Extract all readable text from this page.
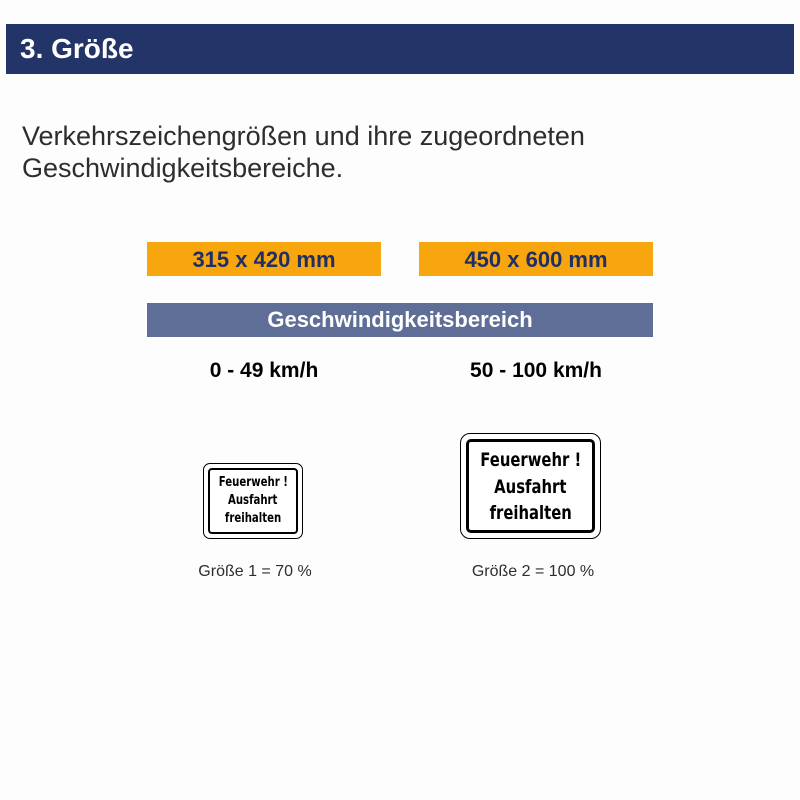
3. Größe
Verkehrszeichengrößen und ihre zugeordneten Geschwindigkeitsbereiche.
315 x 420 mm	450 x 600 mm
Geschwindigkeitsbereich
0 - 49 km/h	50 - 100 km/h
Feuerwehr !
Ausfahrt
freihalten
Feuerwehr !
Ausfahrt
freihalten
Größe 1 = 70 %	Größe 2 = 100 %
